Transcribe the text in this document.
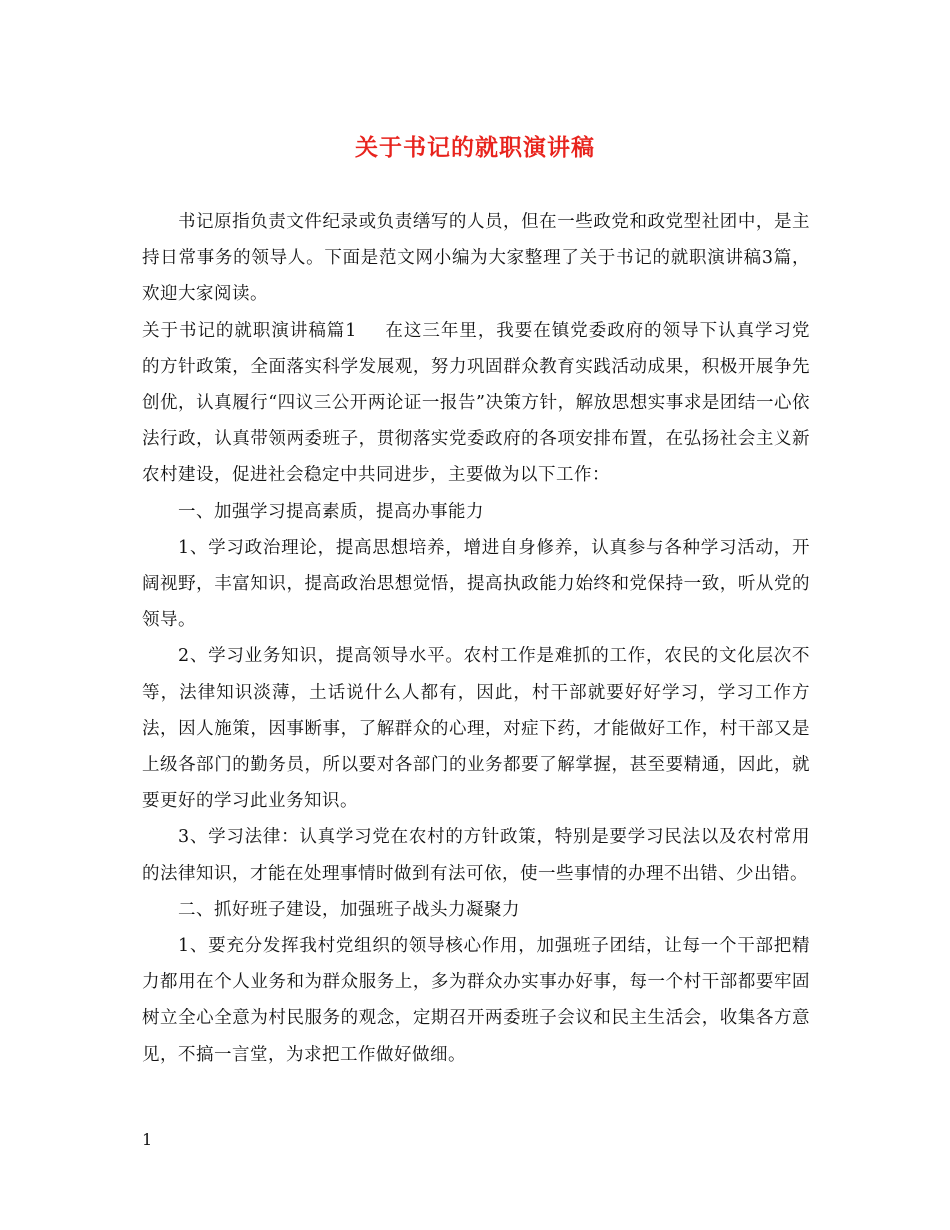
关于书记的就职演讲稿

书记原指负责文件纪录或负责缮写的人员，但在一些政党和政党型社团中，是主持日常事务的领导人。下面是范文网小编为大家整理了关于书记的就职演讲稿3篇，欢迎大家阅读。

关于书记的就职演讲稿篇1 在这三年里，我要在镇党委政府的领导下认真学习党的方针政策，全面落实科学发展观，努力巩固群众教育实践活动成果，积极开展争先创优，认真履行“四议三公开两论证一报告”决策方针，解放思想实事求是团结一心依法行政，认真带领两委班子，贯彻落实党委政府的各项安排布置，在弘扬社会主义新农村建设，促进社会稳定中共同进步，主要做为以下工作：

一、加强学习提高素质，提高办事能力

1、学习政治理论，提高思想培养，增进自身修养，认真参与各种学习活动，开阔视野，丰富知识，提高政治思想觉悟，提高执政能力始终和党保持一致，听从党的领导。

2、学习业务知识，提高领导水平。农村工作是难抓的工作，农民的文化层次不等，法律知识淡薄，土话说什么人都有，因此，村干部就要好好学习，学习工作方法，因人施策，因事断事，了解群众的心理，对症下药，才能做好工作，村干部又是上级各部门的勤务员，所以要对各部门的业务都要了解掌握，甚至要精通，因此，就要更好的学习此业务知识。

3、学习法律：认真学习党在农村的方针政策，特别是要学习民法以及农村常用的法律知识，才能在处理事情时做到有法可依，使一些事情的办理不出错、少出错。

二、抓好班子建设，加强班子战头力凝聚力

1、要充分发挥我村党组织的领导核心作用，加强班子团结，让每一个干部把精力都用在个人业务和为群众服务上，多为群众办实事办好事，每一个村干部都要牢固树立全心全意为村民服务的观念，定期召开两委班子会议和民主生活会，收集各方意见，不搞一言堂，为求把工作做好做细。

1
